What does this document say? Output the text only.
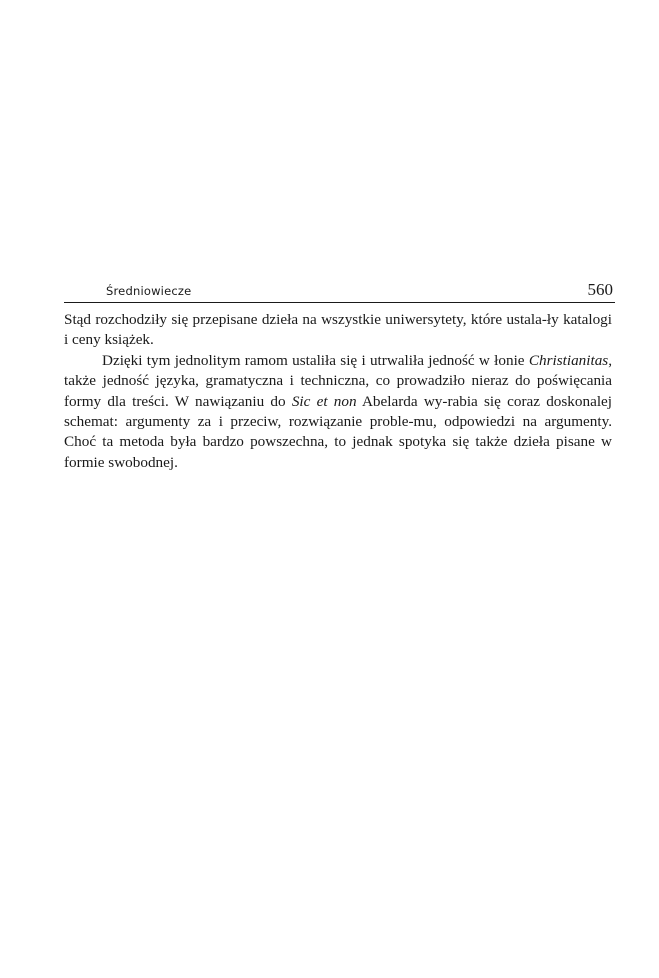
Średniowiecze	560

Stąd rozchodziły się przepisane dzieła na wszystkie uniwersytety, które ustala-ły katalogi i ceny książek.

Dzięki tym jednolitym ramom ustaliła się i utrwaliła jedność w łonie Christianitas, także jedność języka, gramatyczna i techniczna, co prowadziło nieraz do poświęcania formy dla treści. W nawiązaniu do Sic et non Abelarda wy-rabia się coraz doskonalej schemat: argumenty za i przeciw, rozwiązanie proble-mu, odpowiedzi na argumenty. Choć ta metoda była bardzo powszechna, to jednak spotyka się także dzieła pisane w formie swobodnej.
